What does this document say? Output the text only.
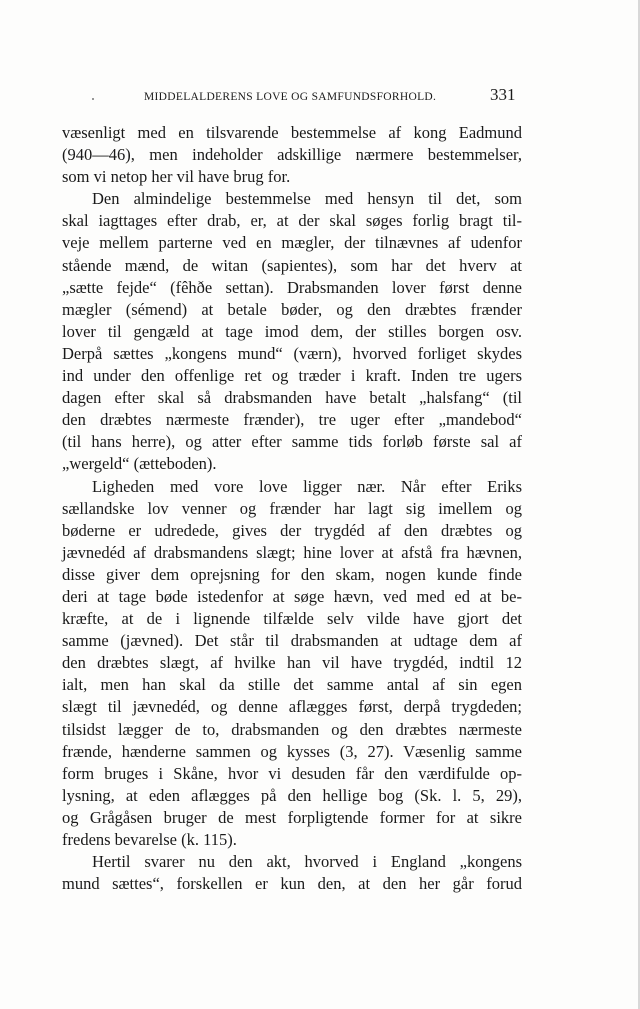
MIDDELALDERENS LOVE OG SAMFUNDSFORHOLD.	331
væsenligt med en tilsvarende bestemmelse af kong Eadmund
(940—46), men indeholder adskillige nærmere bestemmelser,
som vi netop her vil have brug for.
Den almindelige bestemmelse med hensyn til det, som
skal iagttages efter drab, er, at der skal søges forlig bragt til-
veje mellem parterne ved en mægler, der tilnævnes af udenfor
stående mænd, de witan (sapientes), som har det hverv at
„sætte fejde“ (fêhðe settan). Drabsmanden lover først denne
mægler (sémend) at betale bøder, og den dræbtes frænder
lover til gengæld at tage imod dem, der stilles borgen osv.
Derpå sættes „kongens mund“ (værn), hvorved forliget skydes
ind under den offenlige ret og træder i kraft. Inden tre ugers
dagen efter skal så drabsmanden have betalt „halsfang“ (til
den dræbtes nærmeste frænder), tre uger efter „mandebod“
(til hans herre), og atter efter samme tids forløb første sal af
„wergeld“ (ætteboden).
Ligheden med vore love ligger nær. Når efter Eriks
sællandske lov venner og frænder har lagt sig imellem og
bøderne er udredede, gives der trygdéd af den dræbtes og
jævnedéd af drabsmandens slægt; hine lover at afstå fra hævnen,
disse giver dem oprejsning for den skam, nogen kunde finde
deri at tage bøde istedenfor at søge hævn, ved med ed at be-
kræfte, at de i lignende tilfælde selv vilde have gjort det
samme (jævned). Det står til drabsmanden at udtage dem af
den dræbtes slægt, af hvilke han vil have trygdéd, indtil 12
ialt, men han skal da stille det samme antal af sin egen
slægt til jævnedéd, og denne aflægges først, derpå trygdeden;
tilsidst lægger de to, drabsmanden og den dræbtes nærmeste
frænde, hænderne sammen og kysses (3, 27). Væsenlig samme
form bruges i Skåne, hvor vi desuden får den værdifulde op-
lysning, at eden aflægges på den hellige bog (Sk. l. 5, 29),
og Grågåsen bruger de mest forpligtende former for at sikre
fredens bevarelse (k. 115).
Hertil svarer nu den akt, hvorved i England „kongens
mund sættes“, forskellen er kun den, at den her går forud
